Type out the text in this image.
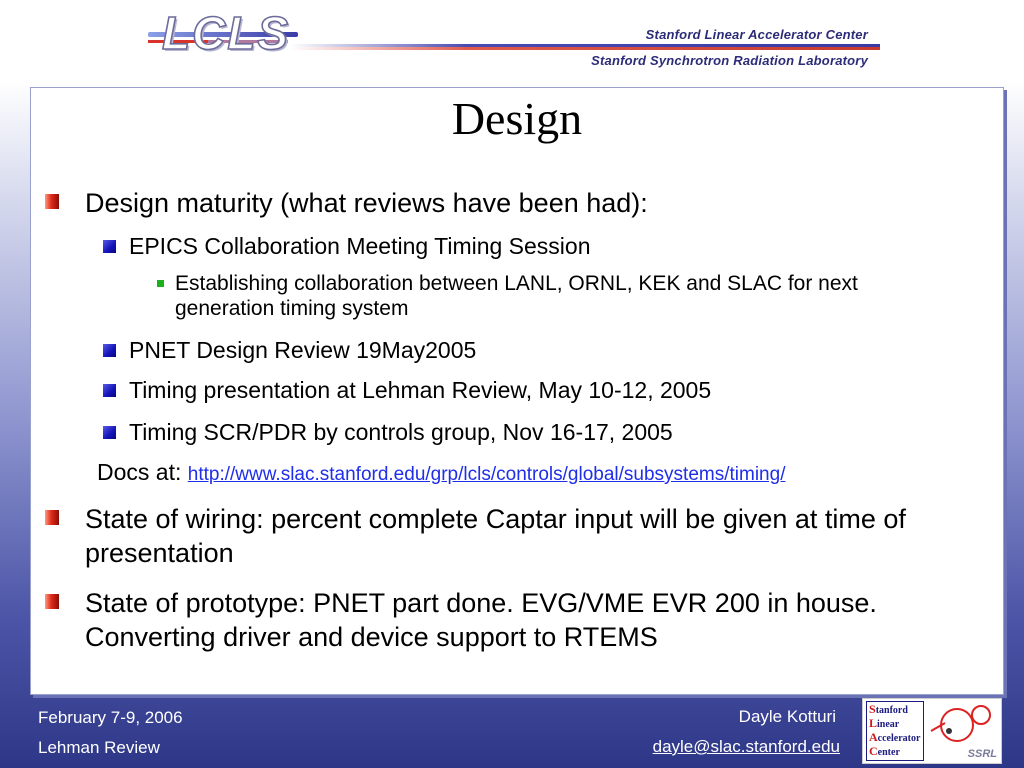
LCLS	Stanford Linear Accelerator Center
Stanford Synchrotron Radiation Laboratory
Design
Design maturity (what reviews have been had):
EPICS Collaboration Meeting Timing Session
Establishing collaboration between LANL, ORNL, KEK and SLAC for next generation timing system
PNET Design Review 19May2005
Timing presentation at Lehman Review, May 10-12, 2005
Timing SCR/PDR by controls group, Nov 16-17, 2005
Docs at: http://www.slac.stanford.edu/grp/lcls/controls/global/subsystems/timing/
State of wiring: percent complete Captar input will be given at time of presentation
State of prototype: PNET part done. EVG/VME EVR 200 in house. Converting driver and device support to RTEMS
February 7-9, 2006
Lehman Review
Dayle Kotturi
dayle@slac.stanford.edu
Stanford
Linear
Accelerator
Center	SSRL
